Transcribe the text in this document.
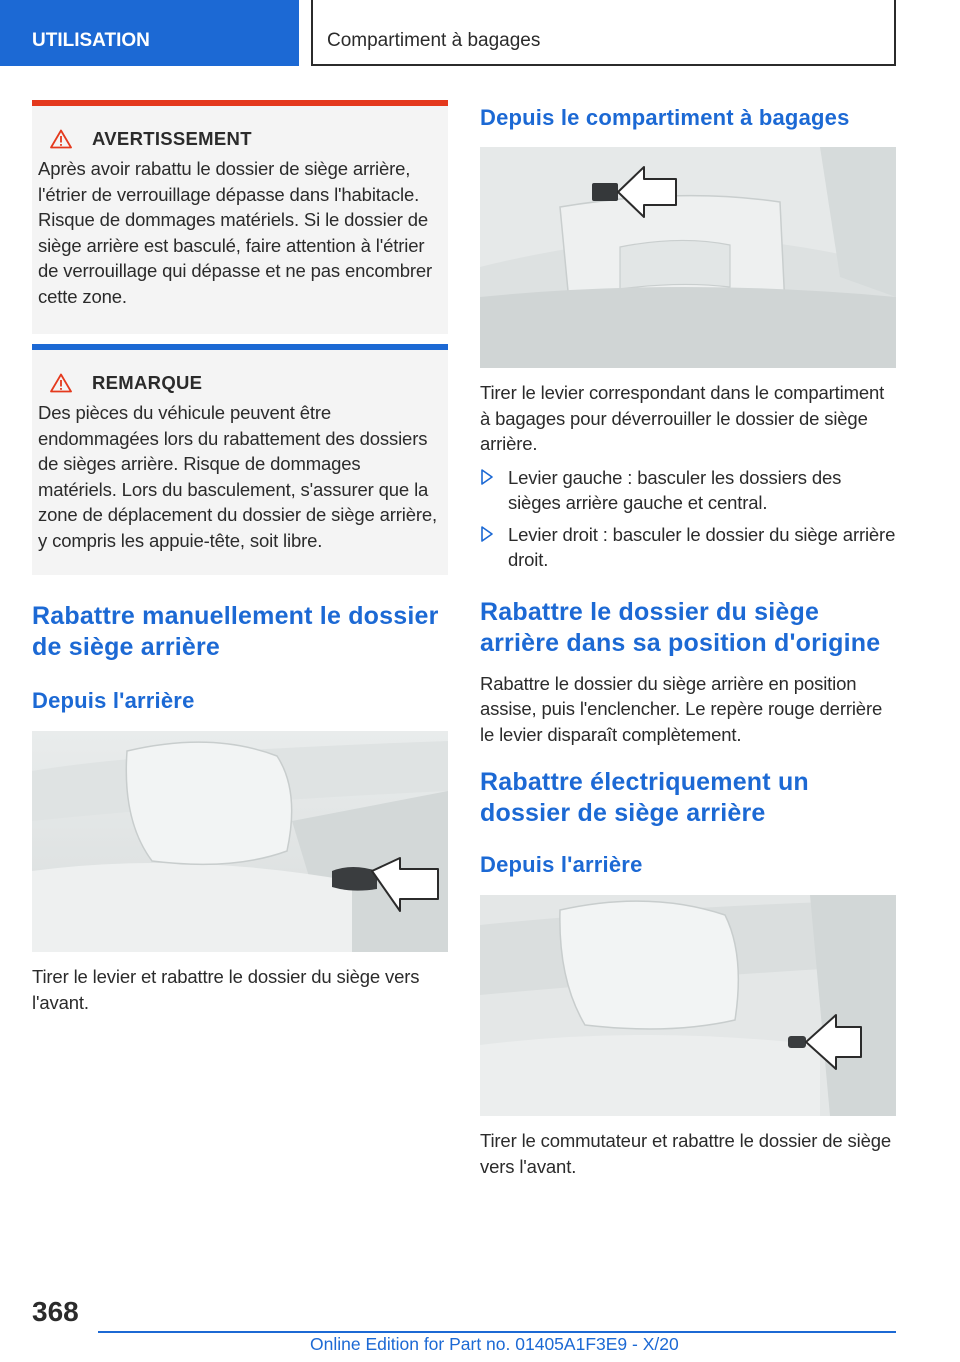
UTILISATION	Compartiment à bagages
AVERTISSEMENT
Après avoir rabattu le dossier de siège arrière, l'étrier de verrouillage dépasse dans l'habitacle. Risque de dommages matériels. Si le dossier de siège arrière est basculé, faire attention à l'étrier de verrouillage qui dépasse et ne pas encombrer cette zone.
REMARQUE
Des pièces du véhicule peuvent être endommagées lors du rabattement des dossiers de sièges arrière. Risque de dommages matériels. Lors du basculement, s'assurer que la zone de déplacement du dossier de siège arrière, y compris les appuie-tête, soit libre.
Rabattre manuellement le dossier de siège arrière
Depuis l'arrière

Tirer le levier et rabattre le dossier du siège vers l'avant.

Depuis le compartiment à bagages

Tirer le levier correspondant dans le compartiment à bagages pour déverrouiller le dossier de siège arrière.

Levier gauche : basculer les dossiers des sièges arrière gauche et central.
Levier droit : basculer le dossier du siège arrière droit.
Rabattre le dossier du siège arrière dans sa position d'origine

Rabattre le dossier du siège arrière en position assise, puis l'enclencher. Le repère rouge derrière le levier disparaît complètement.

Rabattre électriquement un dossier de siège arrière
Depuis l'arrière

Tirer le commutateur et rabattre le dossier de siège vers l'avant.

368
Online Edition for Part no. 01405A1F3E9 - X/20
